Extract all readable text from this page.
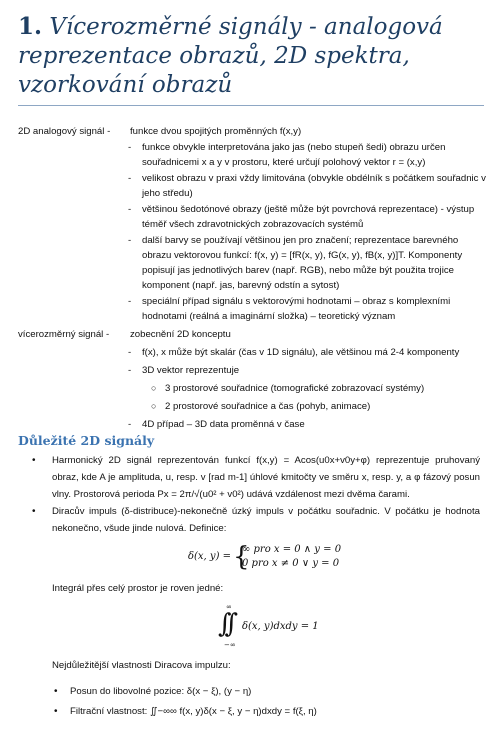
1. Vícerozměrné signály - analogová reprezentace obrazů, 2D spektra, vzorkování obrazů
2D analogový signál - funkce dvou spojitých proměnných f(x,y)
- funkce obvykle interpretována jako jas (nebo stupeň šedi) obrazu určen souřadnicemi x a y v prostoru, které určují polohový vektor r = (x,y)
- velikost obrazu v praxi vždy limitována (obvykle obdélník s počátkem souřadnic v jeho středu)
- většinou šedotónové obrazy (ještě může být povrchová reprezentace) - výstup téměř všech zdravotnických zobrazovacích systémů
- další barvy se používají většinou jen pro značení; reprezentace barevného obrazu vektorovou funkcí: f(x, y) = [fR(x, y), fG(x, y), fB(x, y)]T. Komponenty popisují jas jednotlivých barev (např. RGB), nebo může být použita trojice komponent (např. jas, barevný odstín a sytost)
- speciální případ signálu s vektorovými hodnotami – obraz s komplexními hodnotami (reálná a imaginární složka) – teoretický význam
vícerozměrný signál - zobecnění 2D konceptu
- f(x), x může být skalár (čas v 1D signálu), ale většinou má 2-4 komponenty
- 3D vektor reprezentuje
○ 3 prostorové souřadnice (tomografické zobrazovací systémy)
○ 2 prostorové souřadnice a čas (pohyb, animace)
- 4D případ – 3D data proměnná v čase
Důležité 2D signály
• Harmonický 2D signál reprezentován funkcí f(x,y) = Acos(u0x+v0y+φ) reprezentuje pruhovaný obraz, kde A je amplituda, u, resp. v [rad m-1] úhlové kmitočty ve směru x, resp. y, a φ fázový posun vlny. Prostorová perioda Px = 2π/√(u0² + v0²) udává vzdálenost mezi dvěma čarami.
• Diracův impuls (δ-distribuce)-nekonečně úzký impuls v počátku souřadnic. V počátku je hodnota nekonečno, všude jinde nulová. Definice:
δ(x, y) = {
∞ pro x = 0 ∧ y = 0
0 pro x ≠ 0 ∨ y = 0
Integrál přes celý prostor je roven jedné:
∞
∫∫
−∞
δ(x, y)dxdy = 1
Nejdůležitější vlastnosti Diracova impulzu:
• Posun do libovolné pozice: δ(x − ξ), (y − η)
• Filtrační vlastnost: ∬−∞∞ f(x, y)δ(x − ξ, y − η)dxdy = f(ξ, η)
